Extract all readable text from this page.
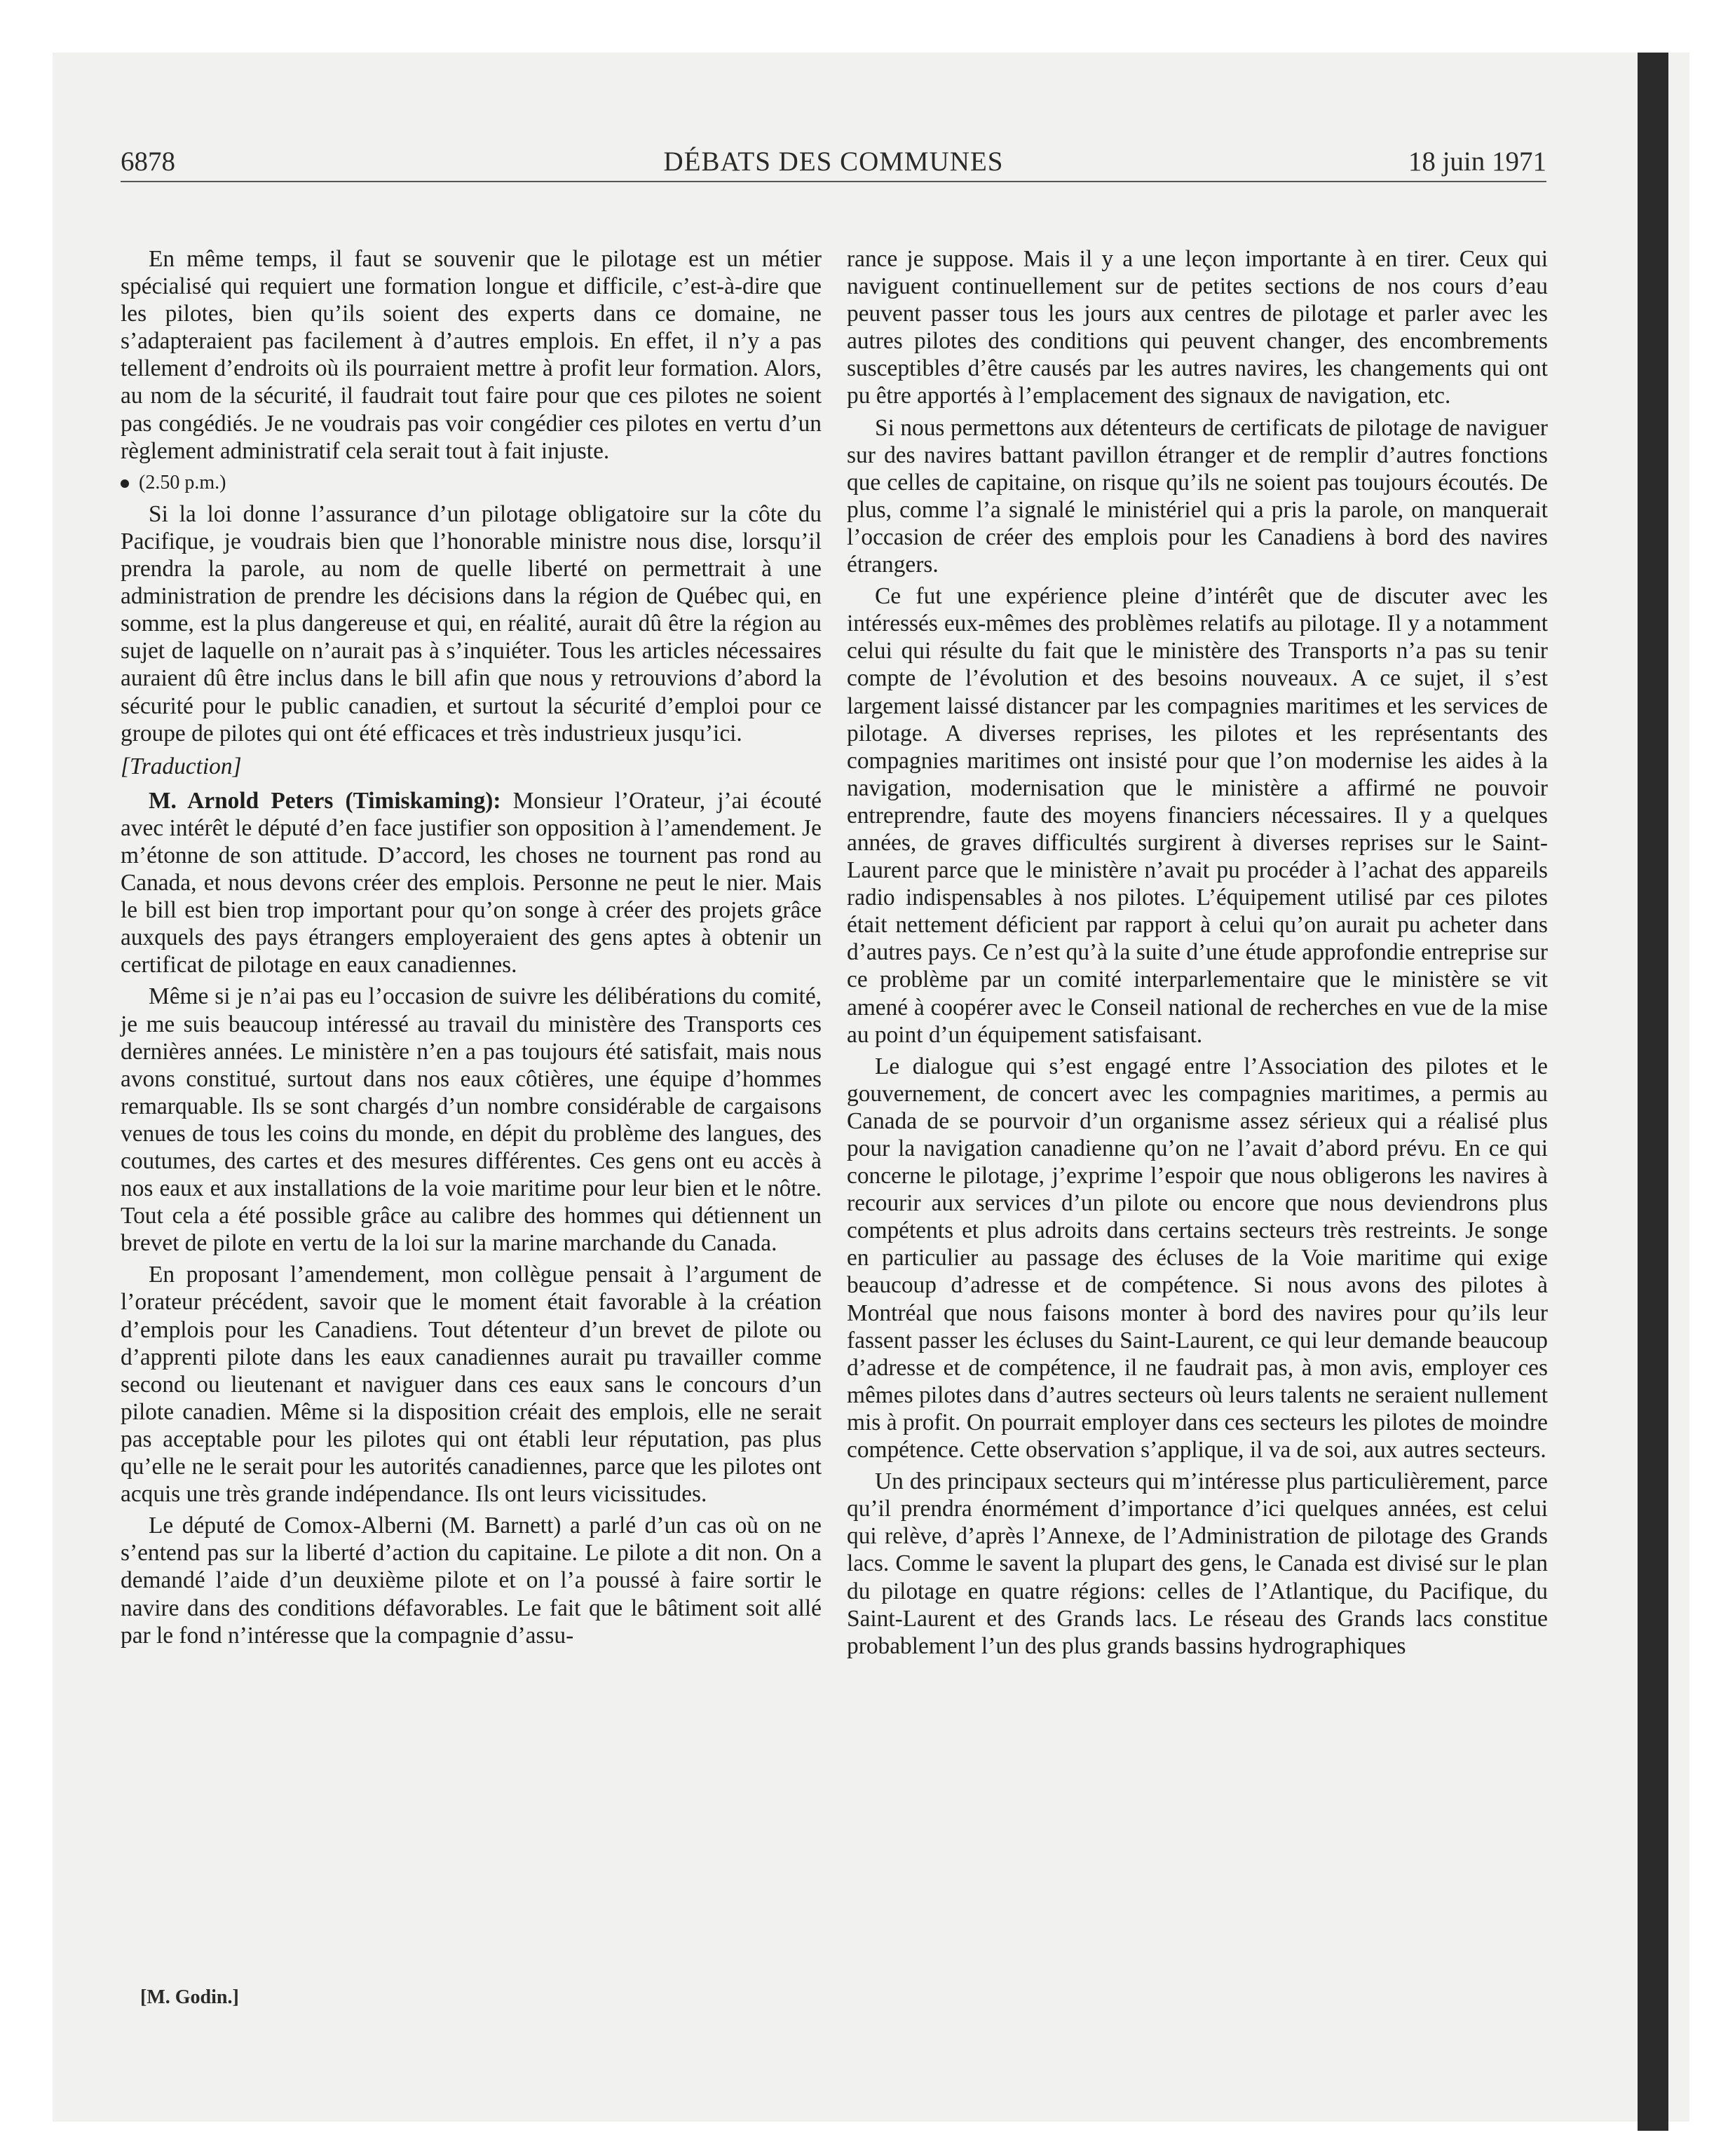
6878	DÉBATS DES COMMUNES	18 juin 1971

En même temps, il faut se souvenir que le pilotage est un métier spécialisé qui requiert une formation longue et difficile, c’est-à-dire que les pilotes, bien qu’ils soient des experts dans ce domaine, ne s’adapteraient pas facilement à d’autres emplois. En effet, il n’y a pas tellement d’endroits où ils pourraient mettre à profit leur formation. Alors, au nom de la sécurité, il faudrait tout faire pour que ces pilotes ne soient pas congédiés. Je ne voudrais pas voir congédier ces pilotes en vertu d’un règlement administratif cela serait tout à fait injuste.

(2.50 p.m.)

Si la loi donne l’assurance d’un pilotage obligatoire sur la côte du Pacifique, je voudrais bien que l’honorable ministre nous dise, lorsqu’il prendra la parole, au nom de quelle liberté on permettrait à une administration de prendre les décisions dans la région de Québec qui, en somme, est la plus dangereuse et qui, en réalité, aurait dû être la région au sujet de laquelle on n’aurait pas à s’inquiéter. Tous les articles nécessaires auraient dû être inclus dans le bill afin que nous y retrouvions d’abord la sécurité pour le public canadien, et surtout la sécurité d’emploi pour ce groupe de pilotes qui ont été efficaces et très industrieux jusqu’ici.

[Traduction]

M. Arnold Peters (Timiskaming): Monsieur l’Orateur, j’ai écouté avec intérêt le député d’en face justifier son opposition à l’amendement. Je m’étonne de son attitude. D’accord, les choses ne tournent pas rond au Canada, et nous devons créer des emplois. Personne ne peut le nier. Mais le bill est bien trop important pour qu’on songe à créer des projets grâce auxquels des pays étrangers employeraient des gens aptes à obtenir un certificat de pilotage en eaux canadiennes.

Même si je n’ai pas eu l’occasion de suivre les délibérations du comité, je me suis beaucoup intéressé au travail du ministère des Transports ces dernières années. Le ministère n’en a pas toujours été satisfait, mais nous avons constitué, surtout dans nos eaux côtières, une équipe d’hommes remarquable. Ils se sont chargés d’un nombre considérable de cargaisons venues de tous les coins du monde, en dépit du problème des langues, des coutumes, des cartes et des mesures différentes. Ces gens ont eu accès à nos eaux et aux installations de la voie maritime pour leur bien et le nôtre. Tout cela a été possible grâce au calibre des hommes qui détiennent un brevet de pilote en vertu de la loi sur la marine marchande du Canada.

En proposant l’amendement, mon collègue pensait à l’argument de l’orateur précédent, savoir que le moment était favorable à la création d’emplois pour les Canadiens. Tout détenteur d’un brevet de pilote ou d’apprenti pilote dans les eaux canadiennes aurait pu travailler comme second ou lieutenant et naviguer dans ces eaux sans le concours d’un pilote canadien. Même si la disposition créait des emplois, elle ne serait pas acceptable pour les pilotes qui ont établi leur réputation, pas plus qu’elle ne le serait pour les autorités canadiennes, parce que les pilotes ont acquis une très grande indépendance. Ils ont leurs vicissitudes.

Le député de Comox-Alberni (M. Barnett) a parlé d’un cas où on ne s’entend pas sur la liberté d’action du capitaine. Le pilote a dit non. On a demandé l’aide d’un deuxième pilote et on l’a poussé à faire sortir le navire dans des conditions défavorables. Le fait que le bâtiment soit allé par le fond n’intéresse que la compagnie d’assu-

rance je suppose. Mais il y a une leçon importante à en tirer. Ceux qui naviguent continuellement sur de petites sections de nos cours d’eau peuvent passer tous les jours aux centres de pilotage et parler avec les autres pilotes des conditions qui peuvent changer, des encombrements susceptibles d’être causés par les autres navires, les changements qui ont pu être apportés à l’emplacement des signaux de navigation, etc.

Si nous permettons aux détenteurs de certificats de pilotage de naviguer sur des navires battant pavillon étranger et de remplir d’autres fonctions que celles de capitaine, on risque qu’ils ne soient pas toujours écoutés. De plus, comme l’a signalé le ministériel qui a pris la parole, on manquerait l’occasion de créer des emplois pour les Canadiens à bord des navires étrangers.

Ce fut une expérience pleine d’intérêt que de discuter avec les intéressés eux-mêmes des problèmes relatifs au pilotage. Il y a notamment celui qui résulte du fait que le ministère des Transports n’a pas su tenir compte de l’évolution et des besoins nouveaux. A ce sujet, il s’est largement laissé distancer par les compagnies maritimes et les services de pilotage. A diverses reprises, les pilotes et les représentants des compagnies maritimes ont insisté pour que l’on modernise les aides à la navigation, modernisation que le ministère a affirmé ne pouvoir entreprendre, faute des moyens financiers nécessaires. Il y a quelques années, de graves difficultés surgirent à diverses reprises sur le Saint-Laurent parce que le ministère n’avait pu procéder à l’achat des appareils radio indispensables à nos pilotes. L’équipement utilisé par ces pilotes était nettement déficient par rapport à celui qu’on aurait pu acheter dans d’autres pays. Ce n’est qu’à la suite d’une étude approfondie entreprise sur ce problème par un comité interparlementaire que le ministère se vit amené à coopérer avec le Conseil national de recherches en vue de la mise au point d’un équipement satisfaisant.

Le dialogue qui s’est engagé entre l’Association des pilotes et le gouvernement, de concert avec les compagnies maritimes, a permis au Canada de se pourvoir d’un organisme assez sérieux qui a réalisé plus pour la navigation canadienne qu’on ne l’avait d’abord prévu. En ce qui concerne le pilotage, j’exprime l’espoir que nous obligerons les navires à recourir aux services d’un pilote ou encore que nous deviendrons plus compétents et plus adroits dans certains secteurs très restreints. Je songe en particulier au passage des écluses de la Voie maritime qui exige beaucoup d’adresse et de compétence. Si nous avons des pilotes à Montréal que nous faisons monter à bord des navires pour qu’ils leur fassent passer les écluses du Saint-Laurent, ce qui leur demande beaucoup d’adresse et de compétence, il ne faudrait pas, à mon avis, employer ces mêmes pilotes dans d’autres secteurs où leurs talents ne seraient nullement mis à profit. On pourrait employer dans ces secteurs les pilotes de moindre compétence. Cette observation s’applique, il va de soi, aux autres secteurs.

Un des principaux secteurs qui m’intéresse plus particulièrement, parce qu’il prendra énormément d’importance d’ici quelques années, est celui qui relève, d’après l’Annexe, de l’Administration de pilotage des Grands lacs. Comme le savent la plupart des gens, le Canada est divisé sur le plan du pilotage en quatre régions: celles de l’Atlantique, du Pacifique, du Saint-Laurent et des Grands lacs. Le réseau des Grands lacs constitue probablement l’un des plus grands bassins hydrographiques

[M. Godin.]
